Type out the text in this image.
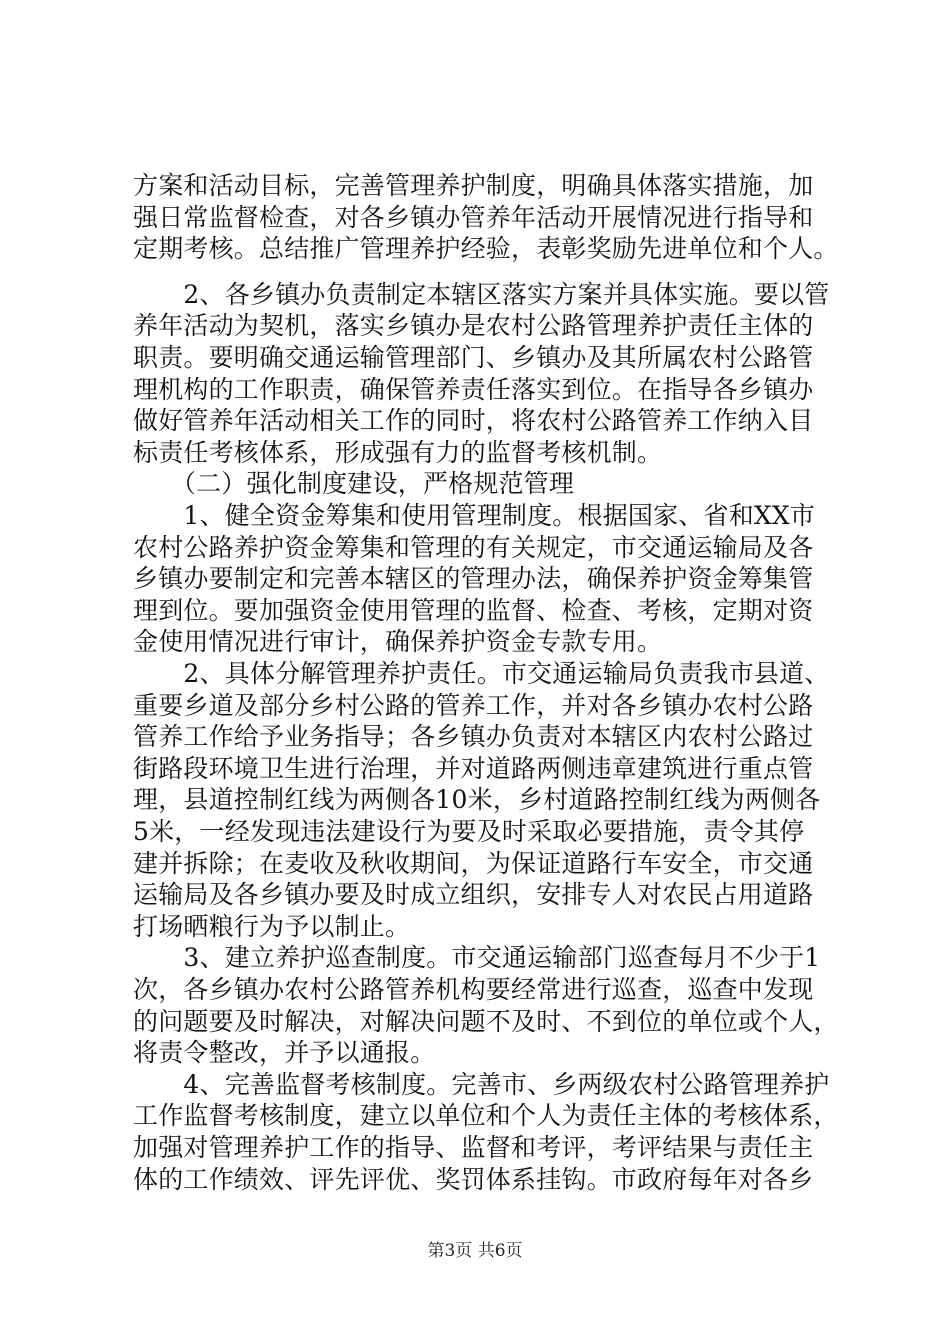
方案和活动目标，完善管理养护制度，明确具体落实措施，加
强日常监督检查，对各乡镇办管养年活动开展情况进行指导和
定期考核。总结推广管理养护经验，表彰奖励先进单位和个人。
　　2、各乡镇办负责制定本辖区落实方案并具体实施。要以管
养年活动为契机，落实乡镇办是农村公路管理养护责任主体的
职责。要明确交通运输管理部门、乡镇办及其所属农村公路管
理机构的工作职责，确保管养责任落实到位。在指导各乡镇办
做好管养年活动相关工作的同时，将农村公路管养工作纳入目
标责任考核体系，形成强有力的监督考核机制。
　　（二）强化制度建设，严格规范管理
　　1、健全资金筹集和使用管理制度。根据国家、省和XX市
农村公路养护资金筹集和管理的有关规定，市交通运输局及各
乡镇办要制定和完善本辖区的管理办法，确保养护资金筹集管
理到位。要加强资金使用管理的监督、检查、考核，定期对资
金使用情况进行审计，确保养护资金专款专用。
　　2、具体分解管理养护责任。市交通运输局负责我市县道、
重要乡道及部分乡村公路的管养工作，并对各乡镇办农村公路
管养工作给予业务指导；各乡镇办负责对本辖区内农村公路过
街路段环境卫生进行治理，并对道路两侧违章建筑进行重点管
理，县道控制红线为两侧各10米，乡村道路控制红线为两侧各
5米，一经发现违法建设行为要及时采取必要措施，责令其停
建并拆除；在麦收及秋收期间，为保证道路行车安全，市交通
运输局及各乡镇办要及时成立组织，安排专人对农民占用道路
打场晒粮行为予以制止。
　　3、建立养护巡查制度。市交通运输部门巡查每月不少于1
次，各乡镇办农村公路管养机构要经常进行巡查，巡查中发现
的问题要及时解决，对解决问题不及时、不到位的单位或个人，
将责令整改，并予以通报。
　　4、完善监督考核制度。完善市、乡两级农村公路管理养护
工作监督考核制度，建立以单位和个人为责任主体的考核体系，
加强对管理养护工作的指导、监督和考评，考评结果与责任主
体的工作绩效、评先评优、奖罚体系挂钩。市政府每年对各乡
第3页 共6页
